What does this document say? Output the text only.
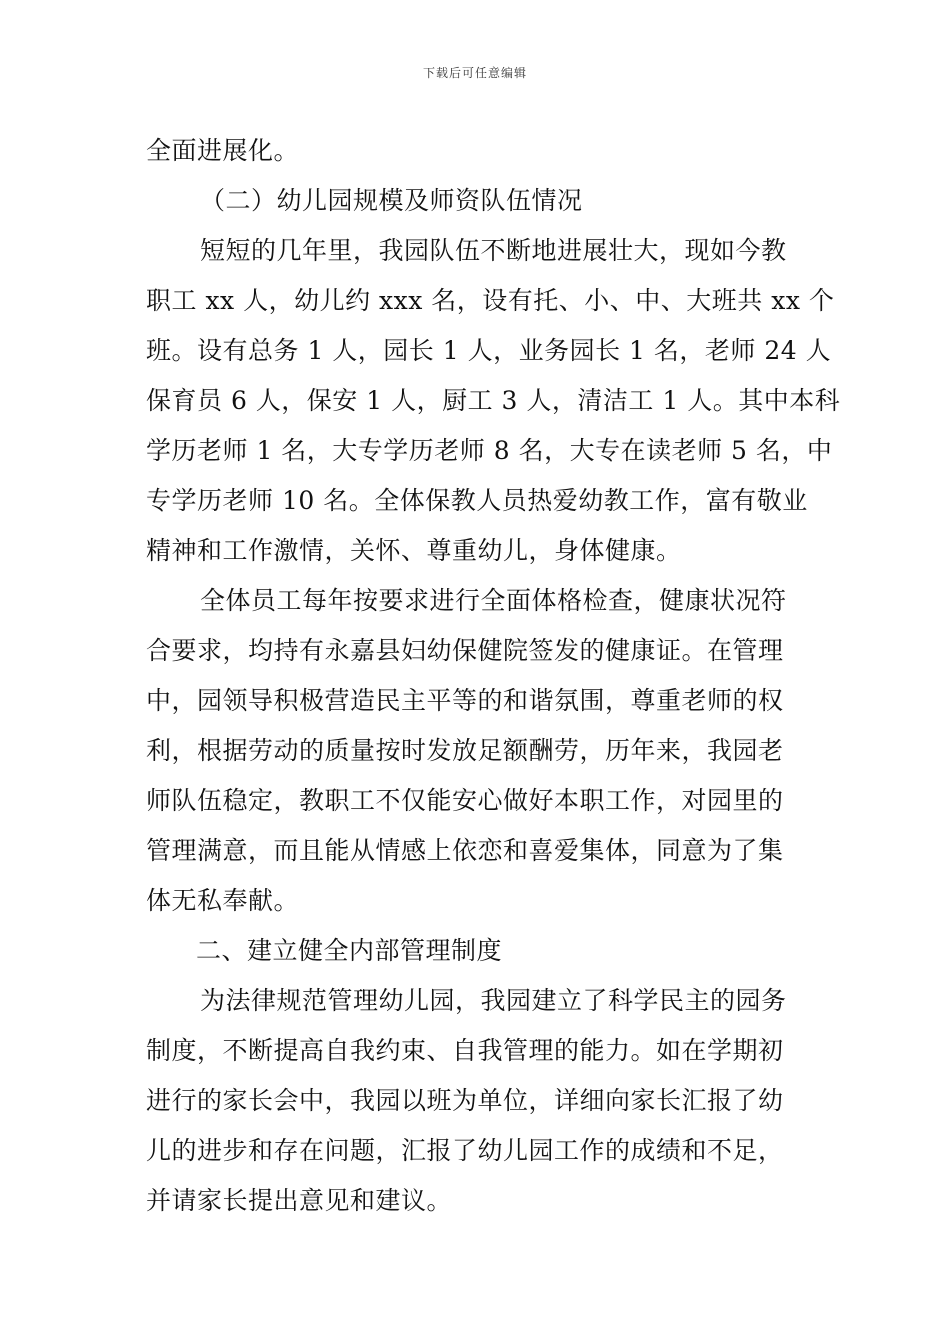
下载后可任意编辑
全面进展化。
（二）幼儿园规模及师资队伍情况
短短的几年里，我园队伍不断地进展壮大，现如今教
职工 xx 人，幼儿约 xxx 名，设有托、小、中、大班共 xx 个
班。设有总务 1 人，园长 1 人，业务园长 1 名，老师 24 人
保育员 6 人，保安 1 人，厨工 3 人，清洁工 1 人。其中本科
学历老师 1 名，大专学历老师 8 名，大专在读老师 5 名，中
专学历老师 10 名。全体保教人员热爱幼教工作，富有敬业
精神和工作激情，关怀、尊重幼儿，身体健康。
全体员工每年按要求进行全面体格检查，健康状况符
合要求，均持有永嘉县妇幼保健院签发的健康证。在管理
中，园领导积极营造民主平等的和谐氛围，尊重老师的权
利，根据劳动的质量按时发放足额酬劳，历年来，我园老
师队伍稳定，教职工不仅能安心做好本职工作，对园里的
管理满意，而且能从情感上依恋和喜爱集体，同意为了集
体无私奉献。
二、建立健全内部管理制度
为法律规范管理幼儿园，我园建立了科学民主的园务
制度，不断提高自我约束、自我管理的能力。如在学期初
进行的家长会中，我园以班为单位，详细向家长汇报了幼
儿的进步和存在问题，汇报了幼儿园工作的成绩和不足，
并请家长提出意见和建议。
